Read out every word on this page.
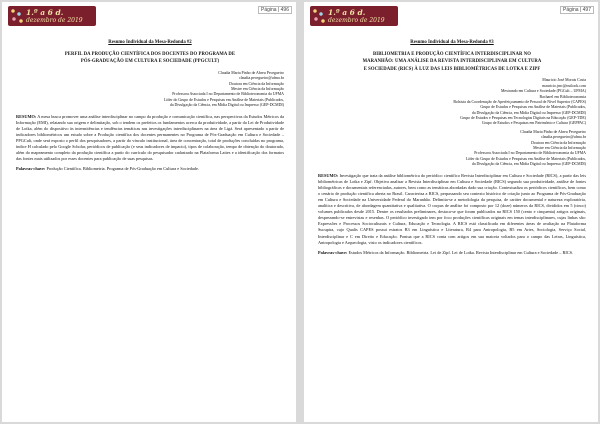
1.º a 6 d.
dezembro de 2019
Página | 496
Resumo Individual da Mesa-Redonda #2
PERFIL DA PRODUÇÃO CIENTÍFICA DOS DOCENTES DO PROGRAMA DE
PÓS-GRADUAÇÃO EM CULTURA E SOCIEDADE (PPGCULT)
Claudia Maria Pinho de Abreu Pecegueiro
claudia.pecegueiro@ufma.br
Doutora em Ciência da Informação
Mestre em Ciência da Informação
Professora Associada I no Departamento de Biblioteconomia da UFMA
Líder do Grupo de Estudos e Pesquisas em Análise de Materiais (Publicados,
da Divulgação da Ciência, em Mídia Digital ou Impresso (GEP-DCMDI)

RESUMO: A mesa busca promover uma análise interdisciplinar no campo da produção e comunicação científica, nas perspectivas da Estudos Métricos da Informação (EMI), relatando sua origem e delimitação, sob o tendem os prefeitos os fundamentos acerca da produtividade, a partir da Lei de Produtividade de Lotka, além do dispositivo às intermitências e tendências temáticas nas investigações interdisciplinares na área de Ligá. Será apresentado a partir de indicadores bibliométricos um estudo sobre a Produção científica dos docentes permanentes no Programa de Pós-Graduação em Cultura e Sociedade – PPGCult, onde será exposto o perfil dos pesquisadores, a partir do vínculo institucional, área de concentração, total de produções concluídas no programa, índice H calculado pelo Google Scholar, periódicos de publicação (e seus indicadores de impacto), tipos de colaboração, tempo de obtenção do doutorado, além do mapeamento completo da produção científica a partir do currículo do pesquisador cadastrado na Plataforma Lattes e a identificação dos formatos das fontes mais utilizados por esses docentes para publicação de suas pesquisas.

Palavras-chave: Produção Científica. Bibliometria. Programa de Pós-Graduação em Cultura e Sociedade.

1.º a 6 d.
dezembro de 2019
Página | 497
Resumo Individual da Mesa-Redonda #3
BIBLIOMETRIA E PRODUÇÃO CIENTÍFICA INTERDISCIPLINAR NO
MARANHÃO: UMA ANÁLISE DA REVISTA INTERDISCIPLINAR EM CULTURA
E SOCIEDADE (RICS) À LUZ DAS LEIS BIBLIOMÉTRICAS DE LOTKA E ZIPF
Mauricio José Morais Costa
mauricio.jmc@outlook.com
Mestrando em Cultura e Sociedade (PGCult – UFMA)
Bacharel em Biblioteconomia
Bolsista da Coordenação de Aperfeiçoamento de Pessoal de Nível Superior (CAPES)
Grupo de Estudos e Pesquisas em Análise de Materiais (Publicados,
da Divulgação da Ciência, em Mídia Digital ou Impresso (GEP-DCMDI)
Grupo de Estudos e Pesquisas em Tecnologias Digitais na Educação (GEP-TDE)
Grupo de Estudos e Pesquisas em Patrimônio e Cultura (GEPPAC)
Claudia Maria Pinho de Abreu Pecegueiro
claudia.pecegueiro@ufma.br
Doutora em Ciência da Informação
Mestre em Ciência da Informação
Professora Associada I no Departamento de Biblioteconomia da UFMA
Líder do Grupo de Estudos e Pesquisas em Análise de Materiais (Publicados,
da Divulgação da Ciência, em Mídia Digital ou Impresso (GEP-DCMDI)

RESUMO: Investigação que trata da análise bibliométrica do periódico científico Revista Interdisciplinar em Cultura e Sociedade (RICS), a partir das leis bibliométricas de Lotka e Zipf. Objetiva analisar a Revista Interdisciplinar em Cultura e Sociedade (RICS) segundo sua produtividade, análise de fontes bibliográficas e documentais referenciadas, autores, bem como as temáticas abordadas dado sua criação. Contextualiza os periódicos científicos, bem como o cenário de produção científica aberta no Brasil. Caracteriza a RICS, perpassando seu contexto histórico de criação junto ao Programa de Pós-Graduação em Cultura e Sociedade na Universidade Federal do Maranhão. Delimita-se a metodologia da pesquisa, de caráter documental e natureza exploratória, analítica e descritiva, de abordagem quantitativa e qualitativa. O corpus de análise foi composto por 12 (doze) números da RICS, divididos em 5 (cinco) volumes publicados desde 2015. Dentre os resultados preliminares, destaca-se que foram publicados na RICS 150 (cento e cinquenta) artigos originais, desprezando-se entrevistas e resenhas. O periódico investigado tem por foco produções científicas originais em temas interdisciplinares, cujas linhas são: Expressões e Processos Socioculturais e Cultura, Educação e Tecnologia. A RICS está classificada em diferentes áreas de avaliação na Plataforma Sucupira, cujo Qualis CAPES possui estratos B3 em Linguística e Literatura, B4 para Antropologia, B5 em Artes, Sociologia, Serviço Social, Interdisciplinar e C em Direito e Educação. Pontua que a RICS conta com artigos em sua maioria voltados para o campo das Letras, Linguística, Antropologia e Arqueologia, visto os indicadores científicos.

Palavras-chave: Estudos Métricos da Informação. Bibliometria. Lei de Zipf. Lei de Lotka. Revista Interdisciplinar em Cultura e Sociedade – RICS.
